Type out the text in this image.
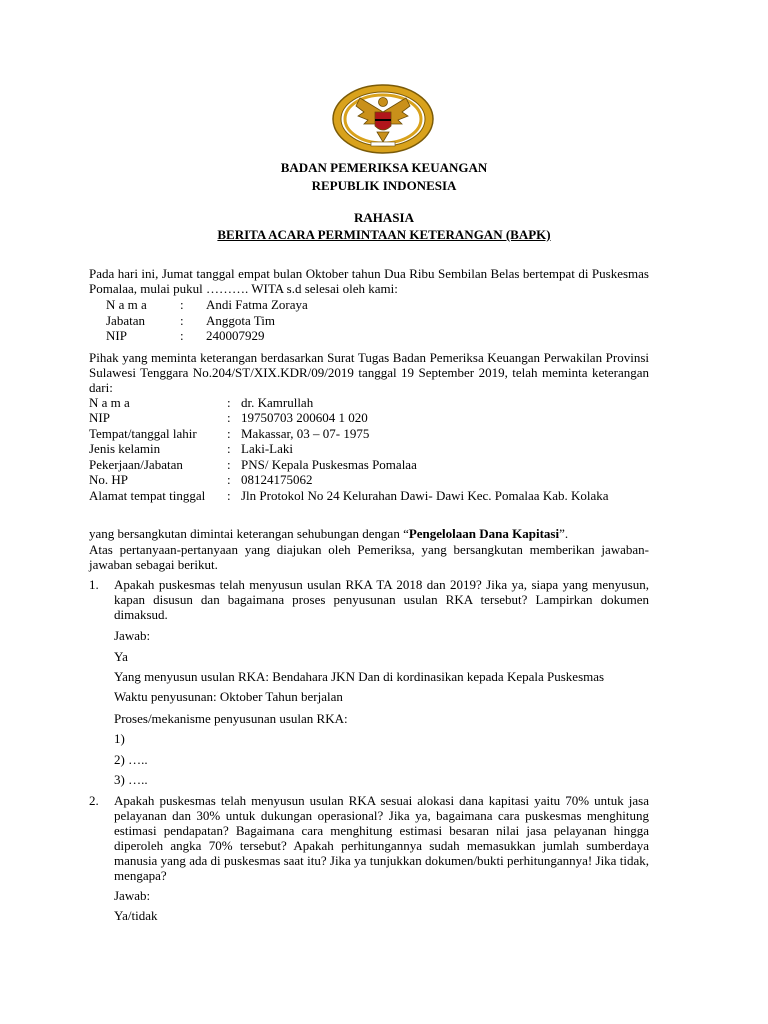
BADAN PEMERIKSA KEUANGAN
REPUBLIK INDONESIA
RAHASIA
BERITA ACARA PERMINTAAN KETERANGAN (BAPK)
Pada hari ini, Jumat tanggal empat bulan Oktober tahun Dua Ribu Sembilan Belas bertempat di Puskesmas Pomalaa, mulai pukul ………. WITA s.d selesai oleh kami:
N a m a	: Andi Fatma Zoraya
Jabatan	: Anggota Tim
NIP	: 240007929
Pihak yang meminta keterangan berdasarkan Surat Tugas Badan Pemeriksa Keuangan Perwakilan Provinsi Sulawesi Tenggara No.204/ST/XIX.KDR/09/2019 tanggal 19 September 2019, telah meminta keterangan dari:
N a m a	: dr. Kamrullah
NIP	: 19750703 200604 1 020
Tempat/tanggal lahir : Makassar, 03 – 07- 1975
Jenis kelamin	: Laki-Laki
Pekerjaan/Jabatan	: PNS/ Kepala Puskesmas Pomalaa
No. HP	: 08124175062
Alamat tempat tinggal : Jln Protokol No 24 Kelurahan Dawi- Dawi Kec. Pomalaa Kab. Kolaka
yang bersangkutan dimintai keterangan sehubungan dengan “Pengelolaan Dana Kapitasi”.
Atas pertanyaan-pertanyaan yang diajukan oleh Pemeriksa, yang bersangkutan memberikan jawaban-jawaban sebagai berikut.
1. Apakah puskesmas telah menyusun usulan RKA TA 2018 dan 2019? Jika ya, siapa yang menyusun, kapan disusun dan bagaimana proses penyusunan usulan RKA tersebut? Lampirkan dokumen dimaksud.
Jawab:
Ya
Yang menyusun usulan RKA: Bendahara JKN Dan di kordinasikan kepada Kepala Puskesmas
Waktu penyusunan: Oktober Tahun berjalan
Proses/mekanisme penyusunan usulan RKA:
1)
2) …..
3) …..
2. Apakah puskesmas telah menyusun usulan RKA sesuai alokasi dana kapitasi yaitu 70% untuk jasa pelayanan dan 30% untuk dukungan operasional? Jika ya, bagaimana cara puskesmas menghitung estimasi pendapatan? Bagaimana cara menghitung estimasi besaran nilai jasa pelayanan hingga diperoleh angka 70% tersebut? Apakah perhitungannya sudah memasukkan jumlah sumberdaya manusia yang ada di puskesmas saat itu? Jika ya tunjukkan dokumen/bukti perhitungannya! Jika tidak, mengapa?
Jawab:
Ya/tidak
